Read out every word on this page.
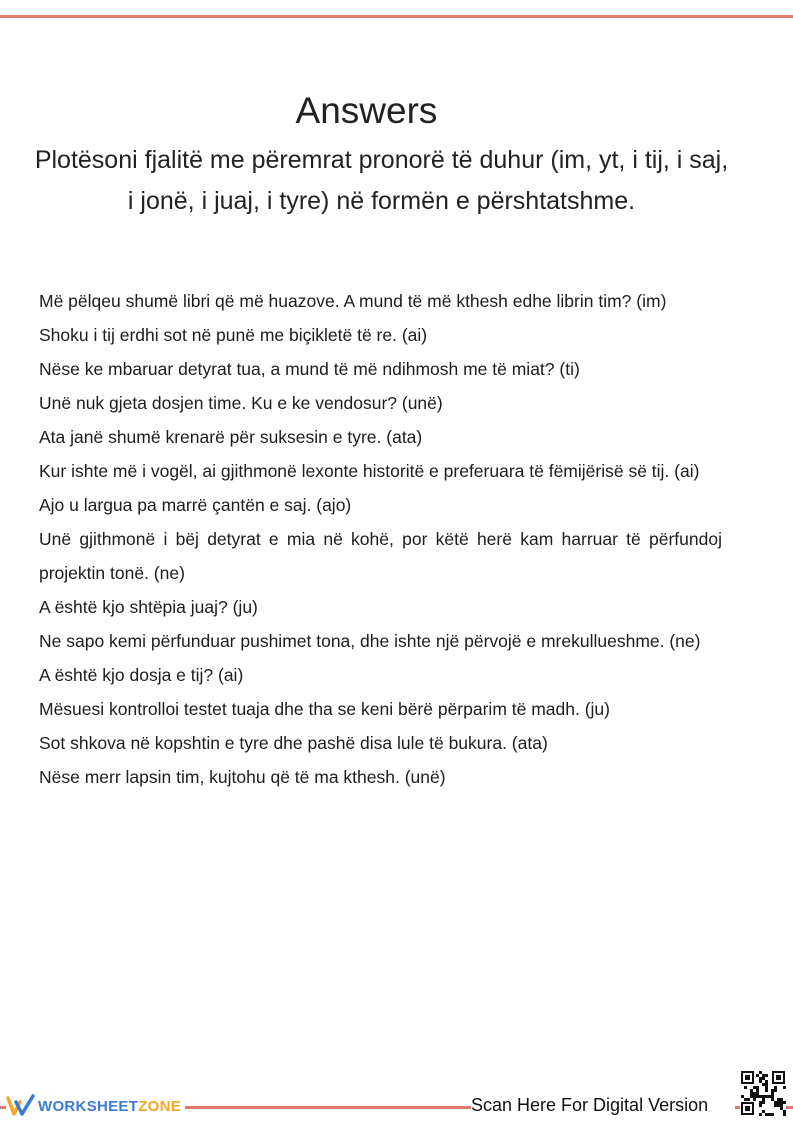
Answers
Plotësoni fjalitë me përemrat pronorë të duhur (im, yt, i tij, i saj, i jonë, i juaj, i tyre) në formën e përshtatshme.
Më pëlqeu shumë libri që më huazove. A mund të më kthesh edhe librin tim? (im)
Shoku i tij erdhi sot në punë me biçikletë të re. (ai)
Nëse ke mbaruar detyrat tua, a mund të më ndihmosh me të miat? (ti)
Unë nuk gjeta dosjen time. Ku e ke vendosur? (unë)
Ata janë shumë krenarë për suksesin e tyre. (ata)
Kur ishte më i vogël, ai gjithmonë lexonte historitë e preferuara të fëmijërisë së tij. (ai)
Ajo u largua pa marrë çantën e saj. (ajo)
Unë gjithmonë i bëj detyrat e mia në kohë, por këtë herë kam harruar të përfundoj projektin tonë. (ne)
A është kjo shtëpia juaj? (ju)
Ne sapo kemi përfunduar pushimet tona, dhe ishte një përvojë e mrekullueshme. (ne)
A është kjo dosja e tij? (ai)
Mësuesi kontrolloi testet tuaja dhe tha se keni bërë përparim të madh. (ju)
Sot shkova në kopshtin e tyre dhe pashë disa lule të bukura. (ata)
Nëse merr lapsin tim, kujtohu që të ma kthesh. (unë)
WORKSHEETZONE	Scan Here For Digital Version
